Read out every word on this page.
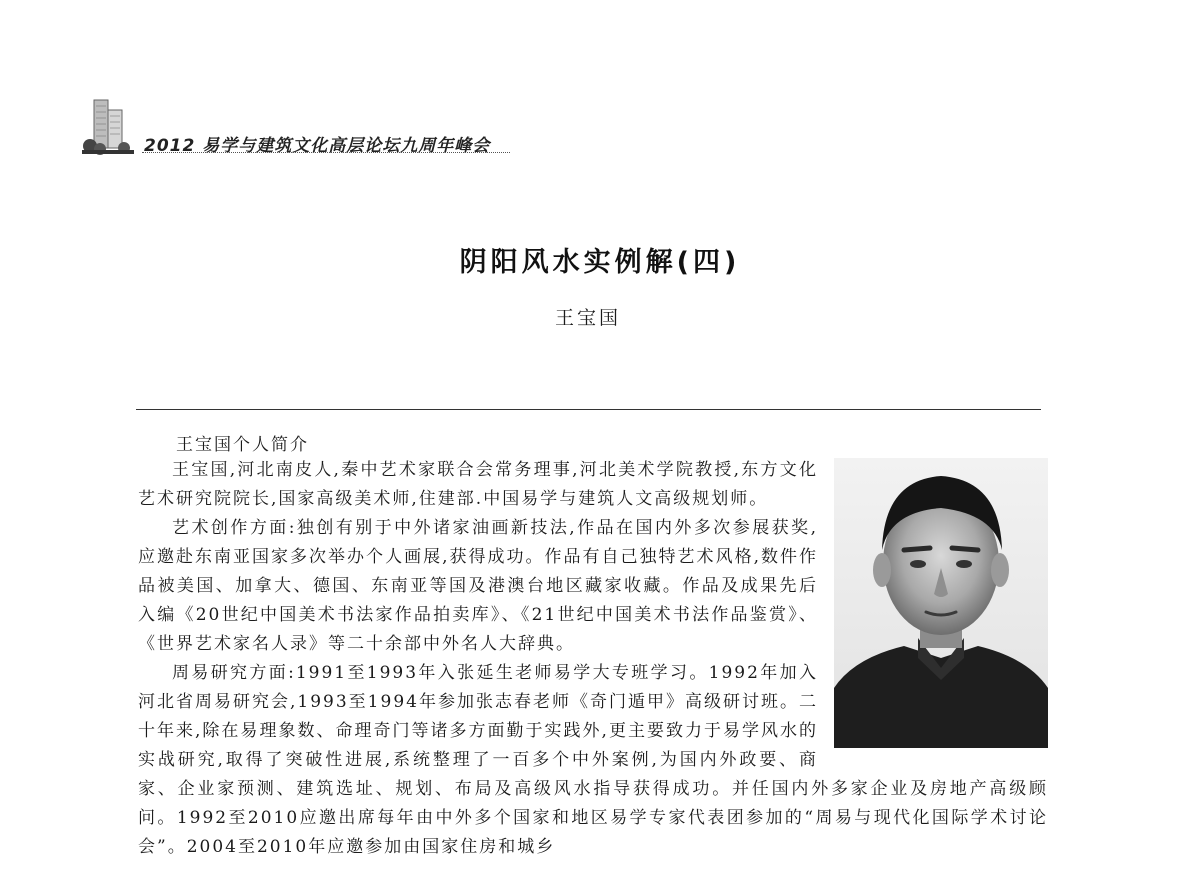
2012 易学与建筑文化高层论坛九周年峰会
阴阳风水实例解(四)
王宝国
王宝国个人简介

王宝国,河北南皮人,秦中艺术家联合会常务理事,河北美术学院教授,东方文化艺术研究院院长,国家高级美术师,住建部.中国易学与建筑人文高级规划师。

艺术创作方面:独创有别于中外诸家油画新技法,作品在国内外多次参展获奖,应邀赴东南亚国家多次举办个人画展,获得成功。作品有自己独特艺术风格,数件作品被美国、加拿大、德国、东南亚等国及港澳台地区藏家收藏。作品及成果先后入编《20世纪中国美术书法家作品拍卖库》、《21世纪中国美术书法作品鉴赏》、《世界艺术家名人录》等二十余部中外名人大辞典。

周易研究方面:1991至1993年入张延生老师易学大专班学习。1992年加入河北省周易研究会,1993至1994年参加张志春老师《奇门遁甲》高级研讨班。二十年来,除在易理象数、命理奇门等诸多方面勤于实践外,更主要致力于易学风水的实战研究,取得了突破性进展,系统整理了一百多个中外案例,为国内外政要、商家、企业家预测、建筑选址、规划、布局及高级风水指导获得成功。并任国内外多家企业及房地产高级顾问。1992至2010应邀出席每年由中外多个国家和地区易学专家代表团参加的“周易与现代化国际学术讨论会”。2004至2010年应邀参加由国家住房和城乡
